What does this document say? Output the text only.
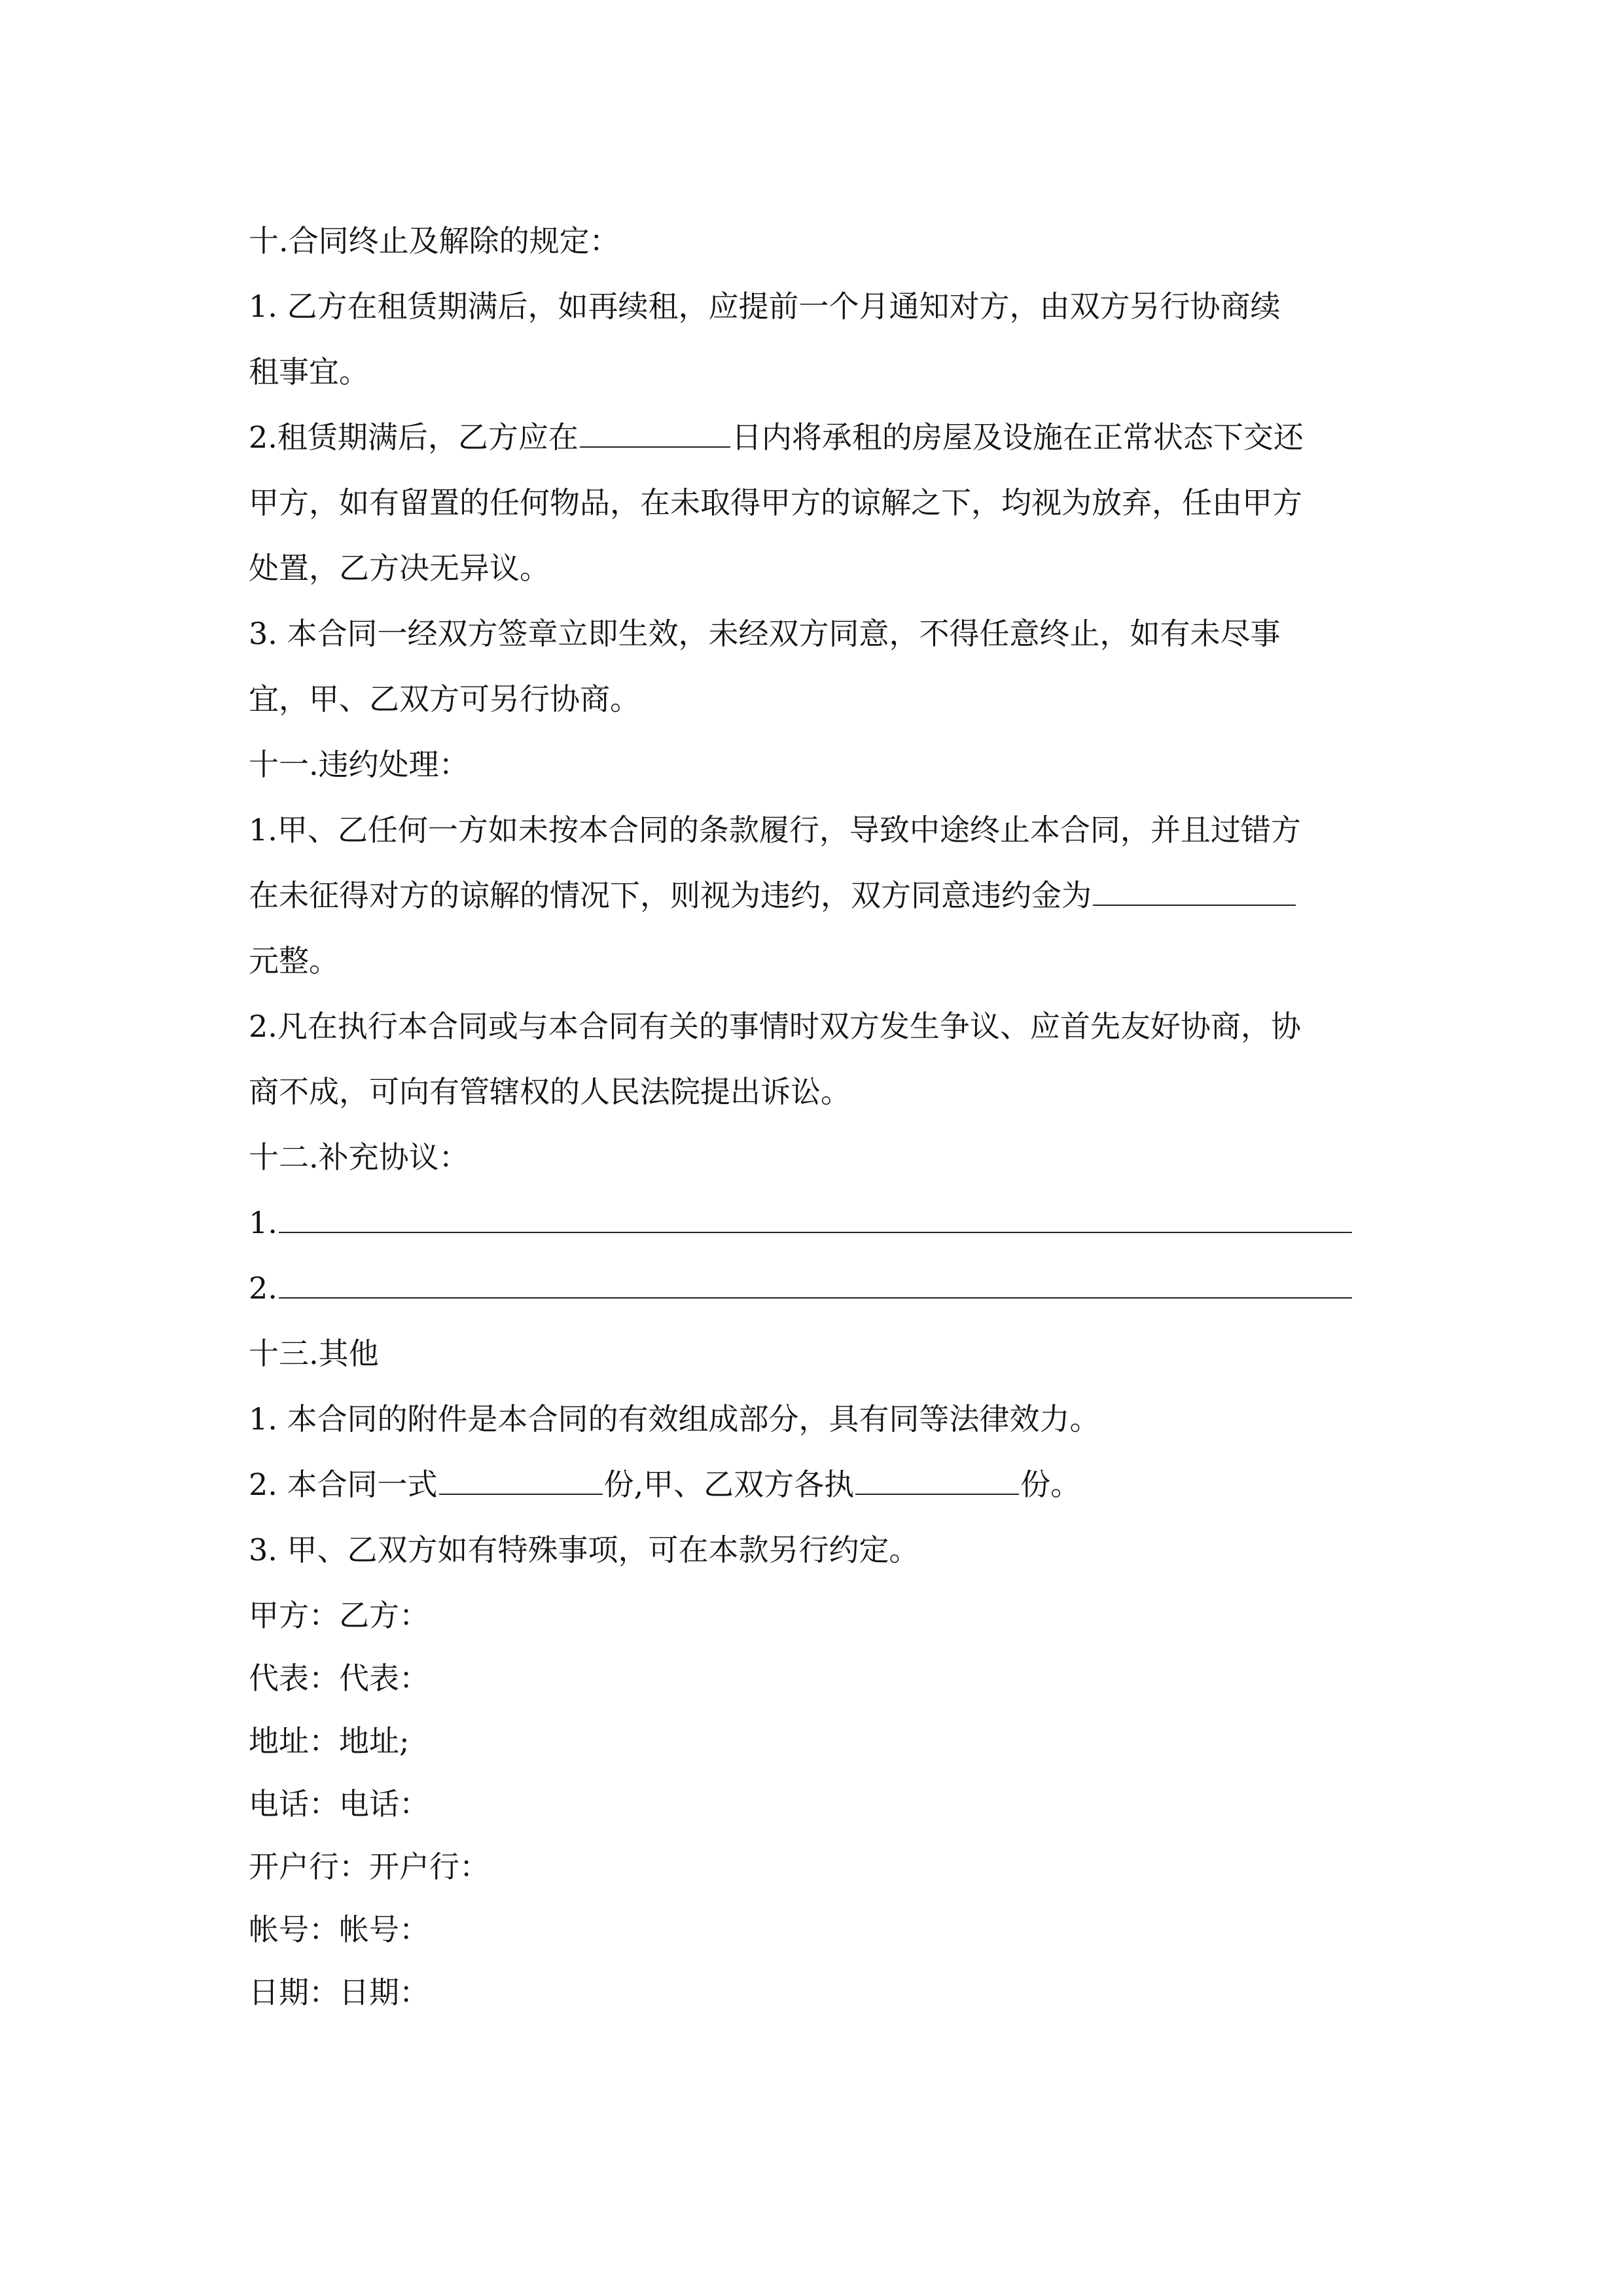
十.合同终止及解除的规定：
1. 乙方在租赁期满后，如再续租，应提前一个月通知对方，由双方另行协商续
租事宜。
2.租赁期满后，乙方应在	日内将承租的房屋及设施在正常状态下交还
甲方，如有留置的任何物品，在未取得甲方的谅解之下，均视为放弃，任由甲方
处置，乙方决无异议。
3. 本合同一经双方签章立即生效，未经双方同意，不得任意终止，如有未尽事
宜，甲、乙双方可另行协商。
十一.违约处理：
1.甲、乙任何一方如未按本合同的条款履行，导致中途终止本合同，并且过错方
在未征得对方的谅解的情况下，则视为违约，双方同意违约金为
元整。
2.凡在执行本合同或与本合同有关的事情时双方发生争议、应首先友好协商，协
商不成，可向有管辖权的人民法院提出诉讼。
十二.补充协议：
1.
2.
十三.其他
1. 本合同的附件是本合同的有效组成部分，具有同等法律效力。
2. 本合同一式	份,甲、乙双方各执	份。
3. 甲、乙双方如有特殊事项，可在本款另行约定。
甲方：乙方：
代表：代表：
地址：地址;
电话：电话：
开户行：开户行：
帐号：帐号：
日期：日期：
